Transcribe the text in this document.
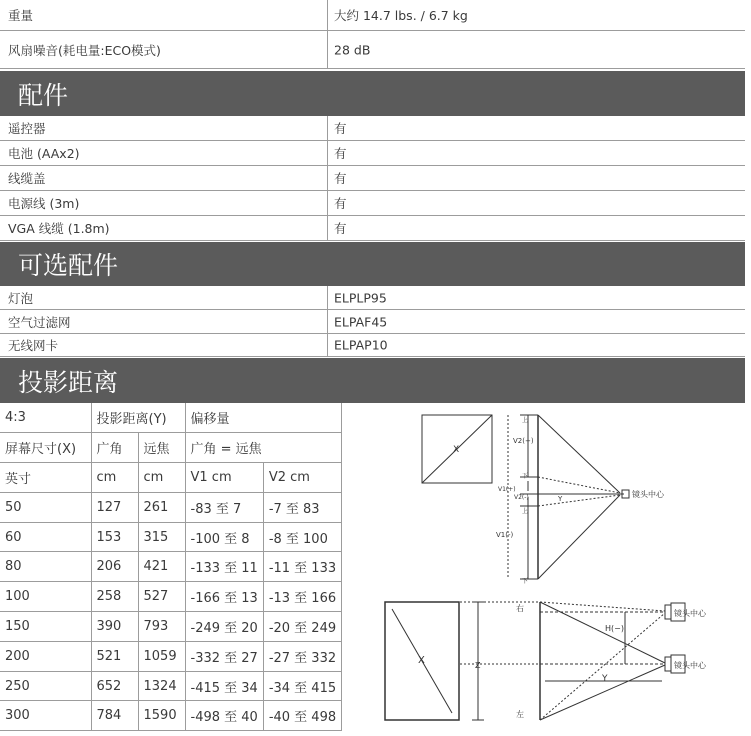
重量	大约 14.7 lbs. / 6.7 kg
风扇噪音(耗电量:ECO模式)	28 dB
配件
遥控器	有
电池 (AAx2)	有
线缆盖	有
电源线 (3m)	有
VGA 线缆 (1.8m)	有
可选配件
灯泡	ELPLP95
空气过滤网	ELPAF45
无线网卡	ELPAP10
投影距离
4:3	投影距离(Y)		偏移量	
屏幕尺寸(X)	广角	远焦	广角 = 远焦	
英寸	cm	cm	V1 cm	V2 cm
50	127	261	-83 至 7	-7 至 83
60	153	315	-100 至 8	-8 至 100
80	206	421	-133 至 11	-11 至 133
100	258	527	-166 至 13	-13 至 166
150	390	793	-249 至 20	-20 至 249
200	521	1059	-332 至 27	-27 至 332
250	652	1324	-415 至 34	-34 至 415
300	784	1590	-498 至 40	-40 至 498
X
V2(+)
V1(+)
V2(-)
V1(-)
Y
上
下
上
下
镜头中心
X	Z
Y
H(−)
右
左
镜头中心
镜头中心
